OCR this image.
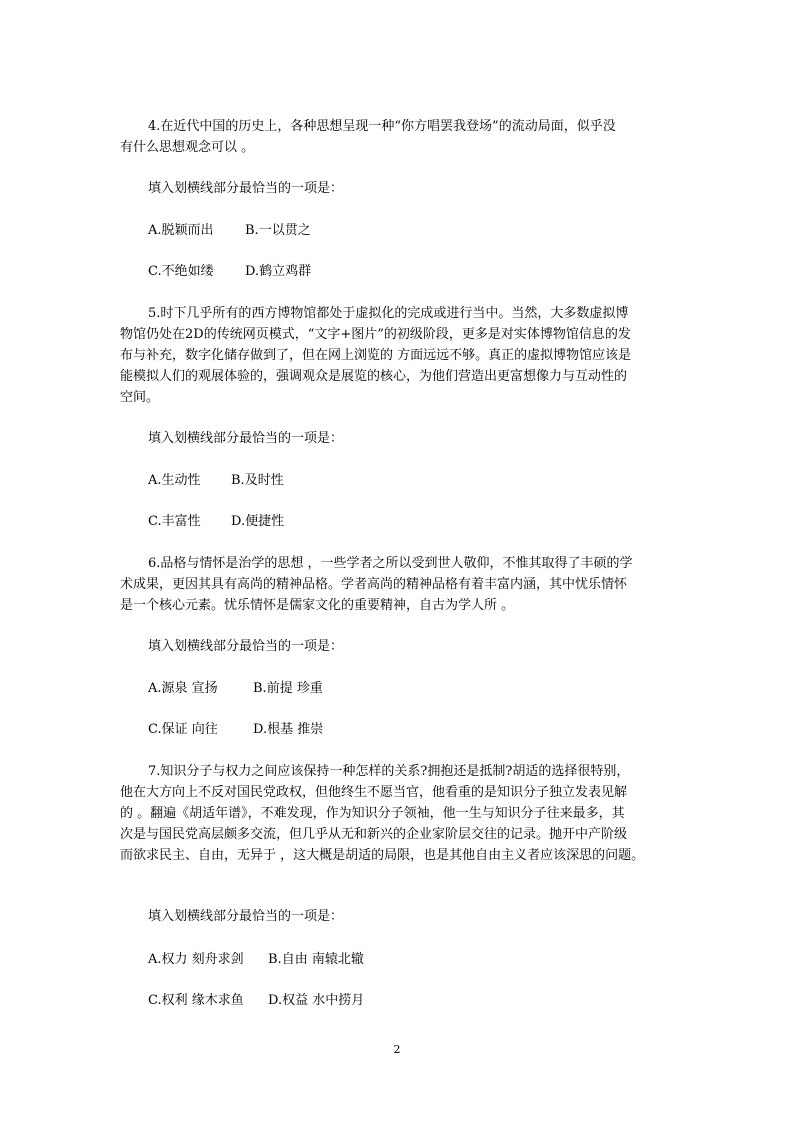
4.在近代中国的历史上，各种思想呈现一种“你方唱罢我登场”的流动局面，似乎没
有什么思想观念可以 。
填入划横线部分最恰当的一项是：
A.脱颖而出 B.一以贯之
C.不绝如缕 D.鹤立鸡群
5.时下几乎所有的西方博物馆都处于虚拟化的完成或进行当中。当然，大多数虚拟博
物馆仍处在2D的传统网页模式，“文字+图片”的初级阶段，更多是对实体博物馆信息的发
布与补充，数字化储存做到了，但在网上浏览的 方面远远不够。真正的虚拟博物馆应该是
能模拟人们的观展体验的，强调观众是展览的核心，为他们营造出更富想像力与互动性的
空间。
填入划横线部分最恰当的一项是：
A.生动性 B.及时性
C.丰富性 D.便捷性
6.品格与情怀是治学的思想 ，一些学者之所以受到世人敬仰，不惟其取得了丰硕的学
术成果，更因其具有高尚的精神品格。学者高尚的精神品格有着丰富内涵，其中忧乐情怀
是一个核心元素。忧乐情怀是儒家文化的重要精神，自古为学人所 。
填入划横线部分最恰当的一项是：
A.源泉 宣扬	B.前提 珍重
C.保证 向往	D.根基 推崇
7.知识分子与权力之间应该保持一种怎样的关系?拥抱还是抵制?胡适的选择很特别，
他在大方向上不反对国民党政权，但他终生不愿当官，他看重的是知识分子独立发表见解
的 。翻遍《胡适年谱》，不难发现，作为知识分子领袖，他一生与知识分子往来最多，其
次是与国民党高层颇多交流，但几乎从无和新兴的企业家阶层交往的记录。抛开中产阶级
而欲求民主、自由，无异于 ，这大概是胡适的局限，也是其他自由主义者应该深思的问题。
填入划横线部分最恰当的一项是：
A.权力 刻舟求剑 B.自由 南辕北辙
C.权利 缘木求鱼 D.权益 水中捞月
2
